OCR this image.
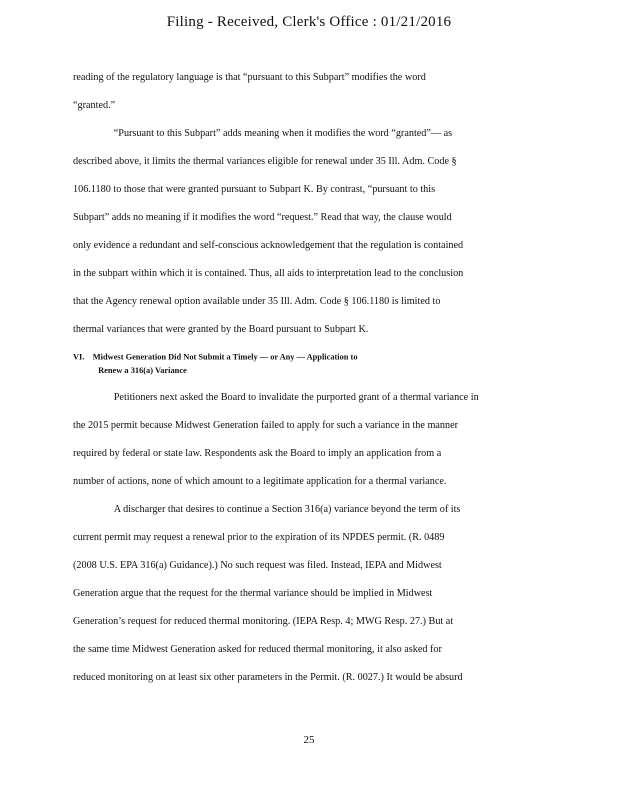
Filing - Received, Clerk's Office : 01/21/2016
reading of the regulatory language is that “pursuant to this Subpart” modifies the word
“granted.”
    “Pursuant to this Subpart” adds meaning when it modifies the word “granted”— as
described above, it limits the thermal variances eligible for renewal under 35 Ill. Adm. Code §
106.1180 to those that were granted pursuant to Subpart K. By contrast, “pursuant to this
Subpart” adds no meaning if it modifies the word “request.” Read that way, the clause would
only evidence a redundant and self-conscious acknowledgement that the regulation is contained
in the subpart within which it is contained. Thus, all aids to interpretation lead to the conclusion
that the Agency renewal option available under 35 Ill. Adm. Code § 106.1180 is limited to
thermal variances that were granted by the Board pursuant to Subpart K.
VI. Midwest Generation Did Not Submit a Timely — or Any — Application to
   Renew a 316(a) Variance
    Petitioners next asked the Board to invalidate the purported grant of a thermal variance in
the 2015 permit because Midwest Generation failed to apply for such a variance in the manner
required by federal or state law. Respondents ask the Board to imply an application from a
number of actions, none of which amount to a legitimate application for a thermal variance.
    A discharger that desires to continue a Section 316(a) variance beyond the term of its
current permit may request a renewal prior to the expiration of its NPDES permit. (R. 0489
(2008 U.S. EPA 316(a) Guidance).) No such request was filed. Instead, IEPA and Midwest
Generation argue that the request for the thermal variance should be implied in Midwest
Generation’s request for reduced thermal monitoring. (IEPA Resp. 4; MWG Resp. 27.) But at
the same time Midwest Generation asked for reduced thermal monitoring, it also asked for
reduced monitoring on at least six other parameters in the Permit. (R. 0027.) It would be absurd
25
